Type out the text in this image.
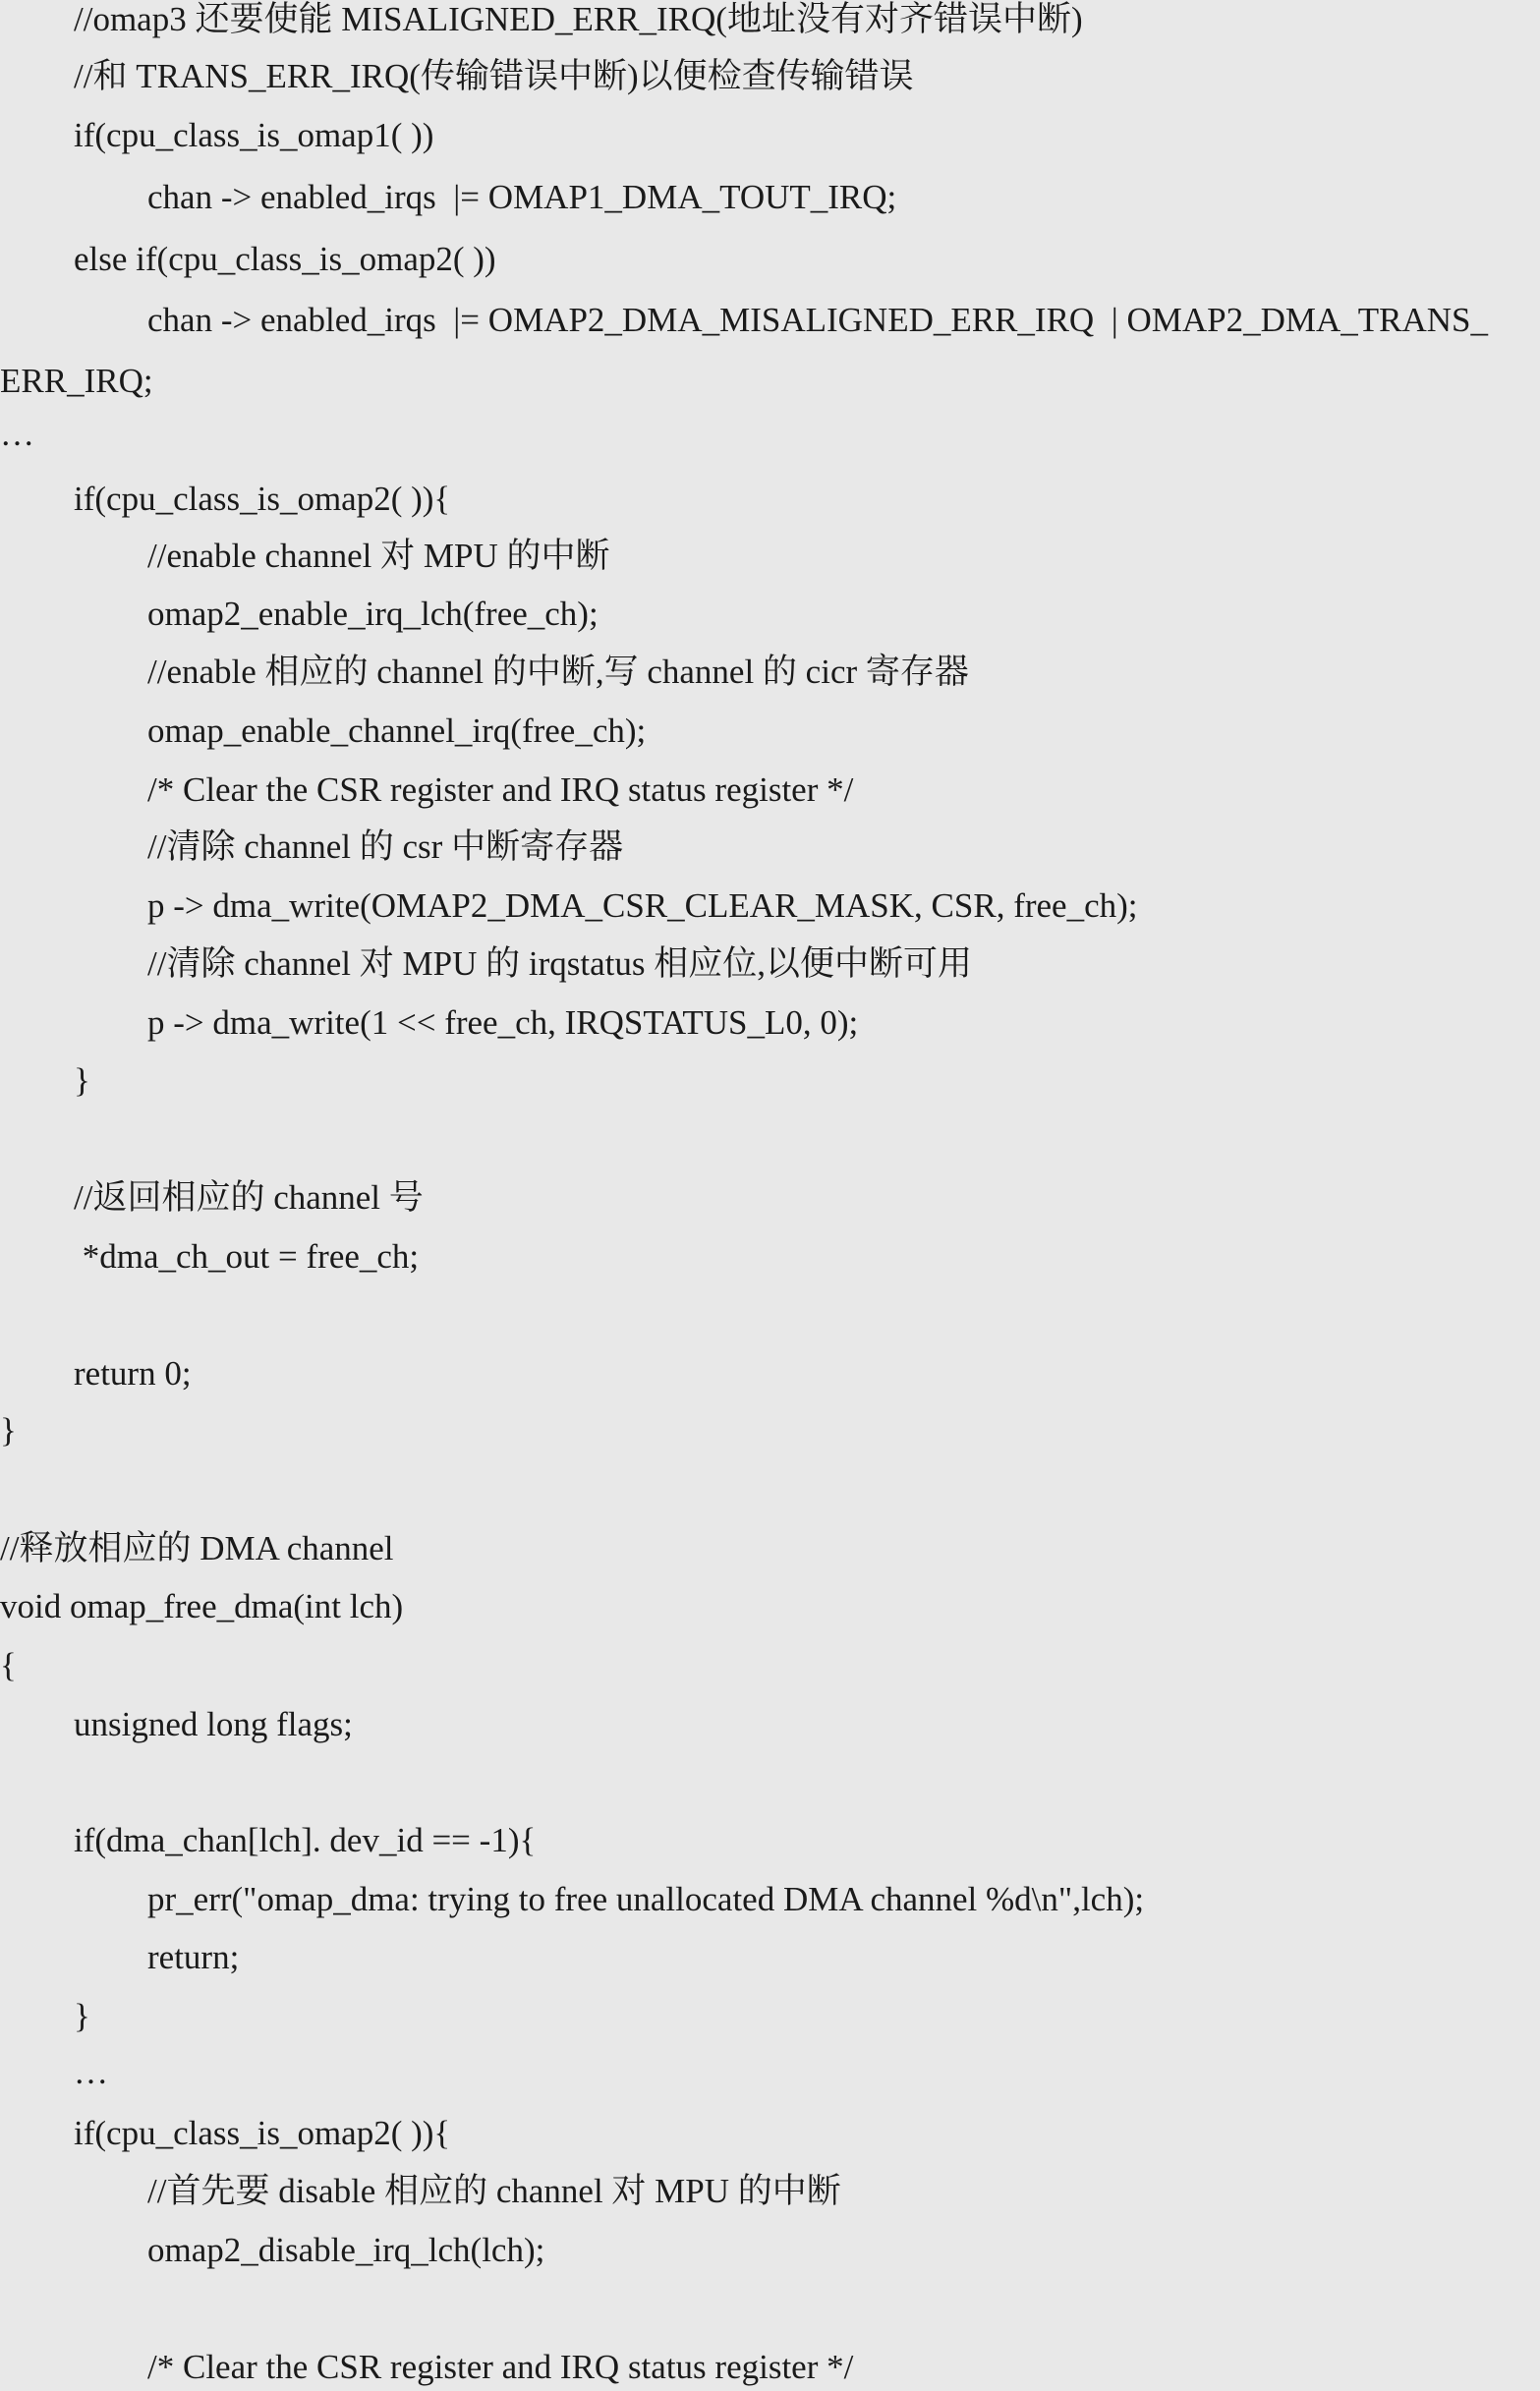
//omap3 还要使能 MISALIGNED_ERR_IRQ(地址没有对齐错误中断)
//和 TRANS_ERR_IRQ(传输错误中断)以便检查传输错误
if(cpu_class_is_omap1( ))
chan -> enabled_irqs  |= OMAP1_DMA_TOUT_IRQ;
else if(cpu_class_is_omap2( ))
chan -> enabled_irqs  |= OMAP2_DMA_MISALIGNED_ERR_IRQ  | OMAP2_DMA_TRANS_
ERR_IRQ;
…
if(cpu_class_is_omap2( )){
//enable channel 对 MPU 的中断
omap2_enable_irq_lch(free_ch);
//enable 相应的 channel 的中断,写 channel 的 cicr 寄存器
omap_enable_channel_irq(free_ch);
/* Clear the CSR register and IRQ status register */
//清除 channel 的 csr 中断寄存器
p -> dma_write(OMAP2_DMA_CSR_CLEAR_MASK, CSR, free_ch);
//清除 channel 对 MPU 的 irqstatus 相应位,以便中断可用
p -> dma_write(1 << free_ch, IRQSTATUS_L0, 0);
}
//返回相应的 channel 号
*dma_ch_out = free_ch;
return 0;
}
//释放相应的 DMA channel
void omap_free_dma(int lch)
{
unsigned long flags;
if(dma_chan[lch]. dev_id == -1){
pr_err("omap_dma: trying to free unallocated DMA channel %d\n",lch);
return;
}
…
if(cpu_class_is_omap2( )){
//首先要 disable 相应的 channel 对 MPU 的中断
omap2_disable_irq_lch(lch);
/* Clear the CSR register and IRQ status register */
